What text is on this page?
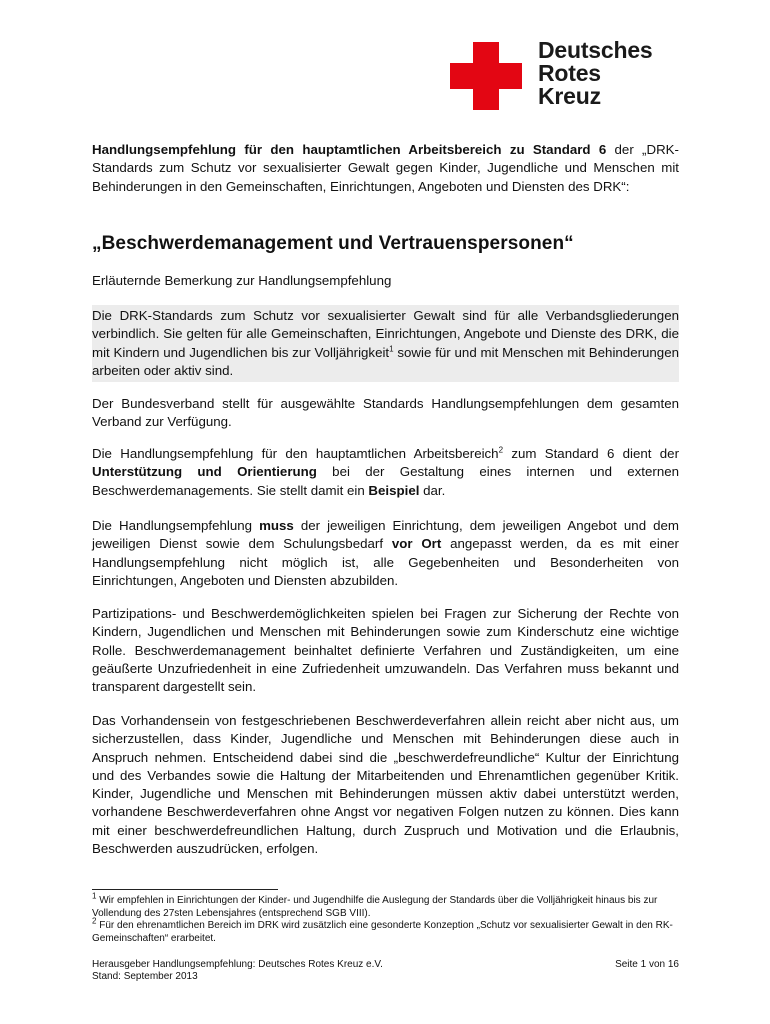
Deutsches
Rotes
Kreuz

Handlungsempfehlung für den hauptamtlichen Arbeitsbereich zu Standard 6 der „DRK-Standards zum Schutz vor sexualisierter Gewalt gegen Kinder, Jugendliche und Menschen mit Behinderungen in den Gemeinschaften, Einrichtungen, Angeboten und Diensten des DRK“:

„Beschwerdemanagement und Vertrauenspersonen“

Erläuternde Bemerkung zur Handlungsempfehlung

Die DRK-Standards zum Schutz vor sexualisierter Gewalt sind für alle Verbandsgliederungen verbindlich. Sie gelten für alle Gemeinschaften, Einrichtungen, Angebote und Dienste des DRK, die mit Kindern und Jugendlichen bis zur Volljährigkeit$^1$ sowie für und mit Menschen mit Behinderungen arbeiten oder aktiv sind.

Der Bundesverband stellt für ausgewählte Standards Handlungsempfehlungen dem gesamten Verband zur Verfügung.

Die Handlungsempfehlung für den hauptamtlichen Arbeitsbereich$^2$ zum Standard 6 dient der Unterstützung und Orientierung bei der Gestaltung eines internen und externen Beschwerdemanagements. Sie stellt damit ein Beispiel dar.

Die Handlungsempfehlung muss der jeweiligen Einrichtung, dem jeweiligen Angebot und dem jeweiligen Dienst sowie dem Schulungsbedarf vor Ort angepasst werden, da es mit einer Handlungsempfehlung nicht möglich ist, alle Gegebenheiten und Besonderheiten von Einrichtungen, Angeboten und Diensten abzubilden.

Partizipations- und Beschwerdemöglichkeiten spielen bei Fragen zur Sicherung der Rechte von Kindern, Jugendlichen und Menschen mit Behinderungen sowie zum Kinderschutz eine wichtige Rolle. Beschwerdemanagement beinhaltet definierte Verfahren und Zuständigkeiten, um eine geäußerte Unzufriedenheit in eine Zufriedenheit umzuwandeln. Das Verfahren muss bekannt und transparent dargestellt sein.

Das Vorhandensein von festgeschriebenen Beschwerdeverfahren allein reicht aber nicht aus, um sicherzustellen, dass Kinder, Jugendliche und Menschen mit Behinderungen diese auch in Anspruch nehmen. Entscheidend dabei sind die „beschwerdefreundliche“ Kultur der Einrichtung und des Verbandes sowie die Haltung der Mitarbeitenden und Ehrenamtlichen gegenüber Kritik. Kinder, Jugendliche und Menschen mit Behinderungen müssen aktiv dabei unterstützt werden, vorhandene Beschwerdeverfahren ohne Angst vor negativen Folgen nutzen zu können. Dies kann mit einer beschwerdefreundlichen Haltung, durch Zuspruch und Motivation und die Erlaubnis, Beschwerden auszudrücken, erfolgen.

$^1$ Wir empfehlen in Einrichtungen der Kinder- und Jugendhilfe die Auslegung der Standards über die Volljährigkeit hinaus bis zur Vollendung des 27sten Lebensjahres (entsprechend SGB VIII).

$^2$ Für den ehrenamtlichen Bereich im DRK wird zusätzlich eine gesonderte Konzeption „Schutz vor sexualisierter Gewalt in den RK-Gemeinschaften“ erarbeitet.

Herausgeber Handlungsempfehlung: Deutsches Rotes Kreuz e.V.
Stand: September 2013
Seite 1 von 16
